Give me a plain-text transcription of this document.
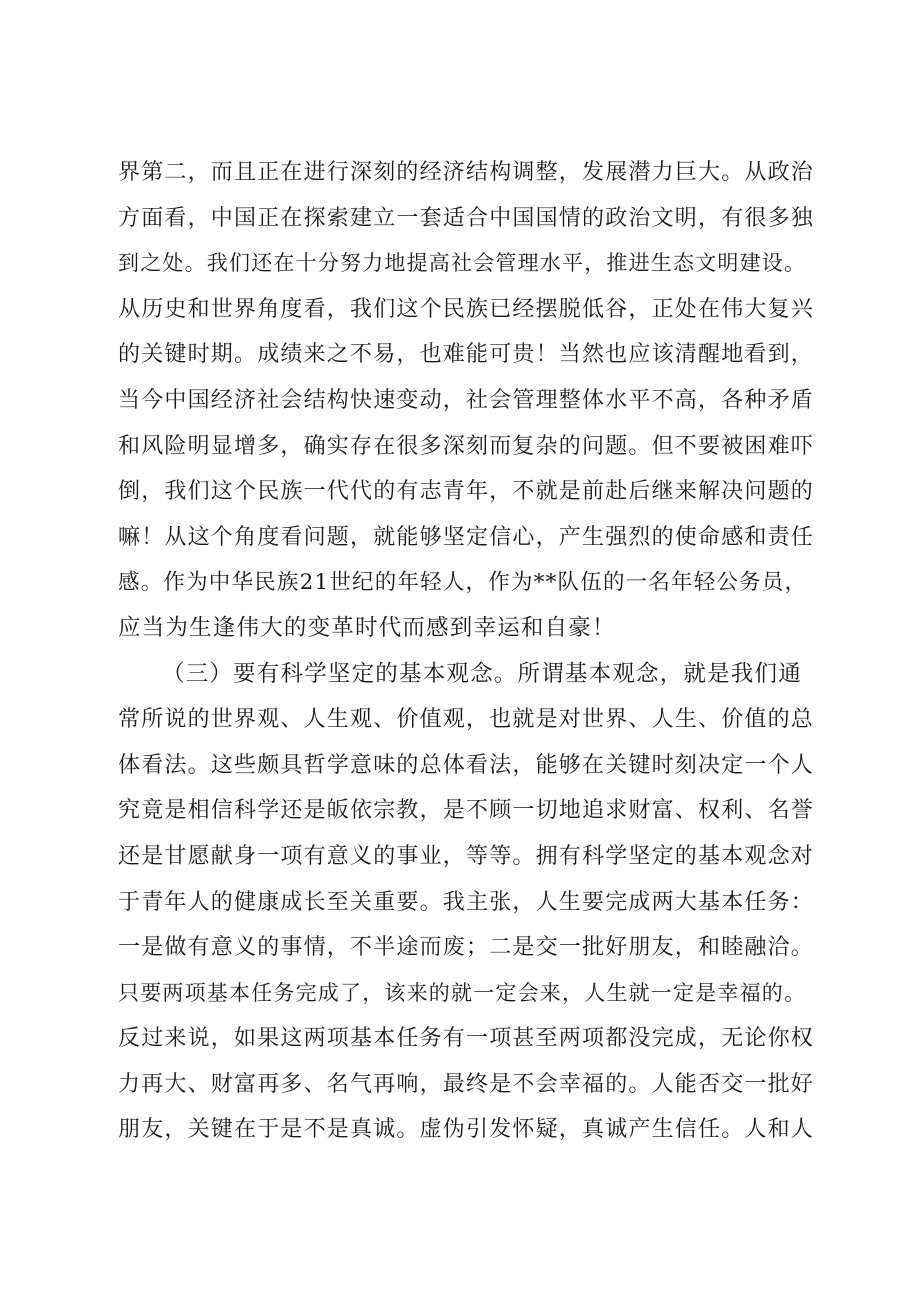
界第二，而且正在进行深刻的经济结构调整，发展潜力巨大。从政治
方面看，中国正在探索建立一套适合中国国情的政治文明，有很多独
到之处。我们还在十分努力地提高社会管理水平，推进生态文明建设。
从历史和世界角度看，我们这个民族已经摆脱低谷，正处在伟大复兴
的关键时期。成绩来之不易，也难能可贵！当然也应该清醒地看到，
当今中国经济社会结构快速变动，社会管理整体水平不高，各种矛盾
和风险明显增多，确实存在很多深刻而复杂的问题。但不要被困难吓
倒，我们这个民族一代代的有志青年，不就是前赴后继来解决问题的
嘛！从这个角度看问题，就能够坚定信心，产生强烈的使命感和责任
感。作为中华民族21世纪的年轻人，作为**队伍的一名年轻公务员，
应当为生逢伟大的变革时代而感到幸运和自豪！
（三）要有科学坚定的基本观念。所谓基本观念，就是我们通
常所说的世界观、人生观、价值观，也就是对世界、人生、价值的总
体看法。这些颇具哲学意味的总体看法，能够在关键时刻决定一个人
究竟是相信科学还是皈依宗教，是不顾一切地追求财富、权利、名誉
还是甘愿献身一项有意义的事业，等等。拥有科学坚定的基本观念对
于青年人的健康成长至关重要。我主张，人生要完成两大基本任务：
一是做有意义的事情，不半途而废；二是交一批好朋友，和睦融洽。
只要两项基本任务完成了，该来的就一定会来，人生就一定是幸福的。
反过来说，如果这两项基本任务有一项甚至两项都没完成，无论你权
力再大、财富再多、名气再响，最终是不会幸福的。人能否交一批好
朋友，关键在于是不是真诚。虚伪引发怀疑，真诚产生信任。人和人
